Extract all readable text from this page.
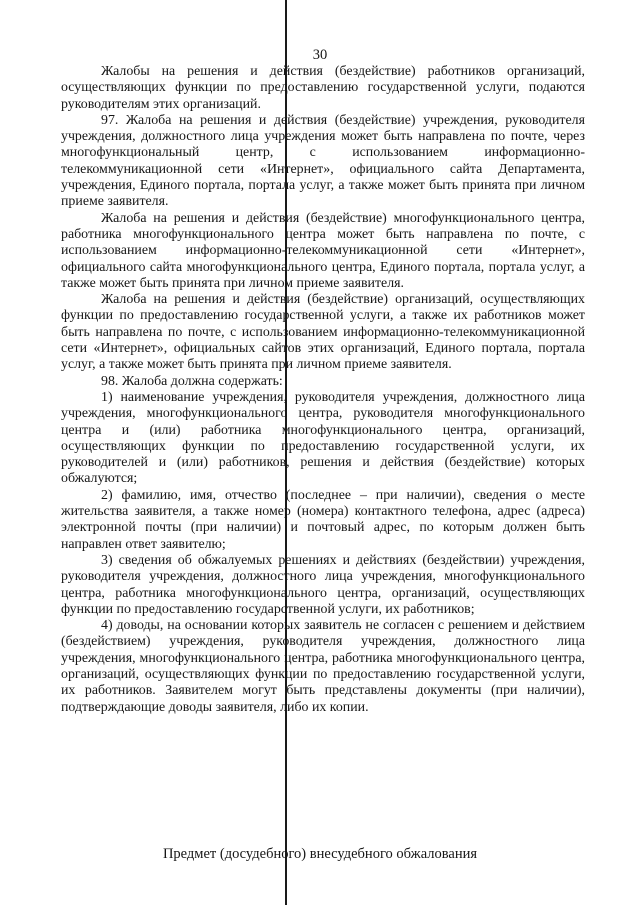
30

Жалобы на решения и действия (бездействие) работников организаций, осуществляющих функции по предоставлению государственной услуги, подаются руководителям этих организаций.

97. Жалоба на решения и действия (бездействие) учреждения, руководителя учреждения, должностного лица учреждения может быть направлена по почте, через многофункциональный центр, с использованием информационно-телекоммуникационной сети «Интернет», официального сайта Департамента, учреждения, Единого портала, портала услуг, а также может быть принята при личном приеме заявителя.

Жалоба на решения и действия (бездействие) многофункционального центра, работника многофункционального центра может быть направлена по почте, с использованием информационно-телекоммуникационной сети «Интернет», официального сайта многофункционального центра, Единого портала, портала услуг, а также может быть принята при личном приеме заявителя.

Жалоба на решения и действия (бездействие) организаций, осуществляющих функции по предоставлению государственной услуги, а также их работников может быть направлена по почте, с использованием информационно-телекоммуникационной сети «Интернет», официальных сайтов этих организаций, Единого портала, портала услуг, а также может быть принята при личном приеме заявителя.

98. Жалоба должна содержать:

1) наименование учреждения, руководителя учреждения, должностного лица учреждения, многофункционального центра, руководителя многофункционального центра и (или) работника многофункционального центра, организаций, осуществляющих функции по предоставлению государственной услуги, их руководителей и (или) работников, решения и действия (бездействие) которых обжалуются;

2) фамилию, имя, отчество (последнее – при наличии), сведения о месте жительства заявителя, а также номер (номера) контактного телефона, адрес (адреса) электронной почты (при наличии) и почтовый адрес, по которым должен быть направлен ответ заявителю;

3) сведения об обжалуемых решениях и действиях (бездействии) учреждения, руководителя учреждения, должностного лица учреждения, многофункционального центра, работника многофункционального центра, организаций, осуществляющих функции по предоставлению государственной услуги, их работников;

4) доводы, на основании которых заявитель не согласен с решением и действием (бездействием) учреждения, руководителя учреждения, должностного лица учреждения, многофункционального центра, работника многофункционального центра, организаций, осуществляющих функции по предоставлению государственной услуги, их работников. Заявителем могут быть представлены документы (при наличии), подтверждающие доводы заявителя, либо их копии.

Предмет (досудебного) внесудебного обжалования
